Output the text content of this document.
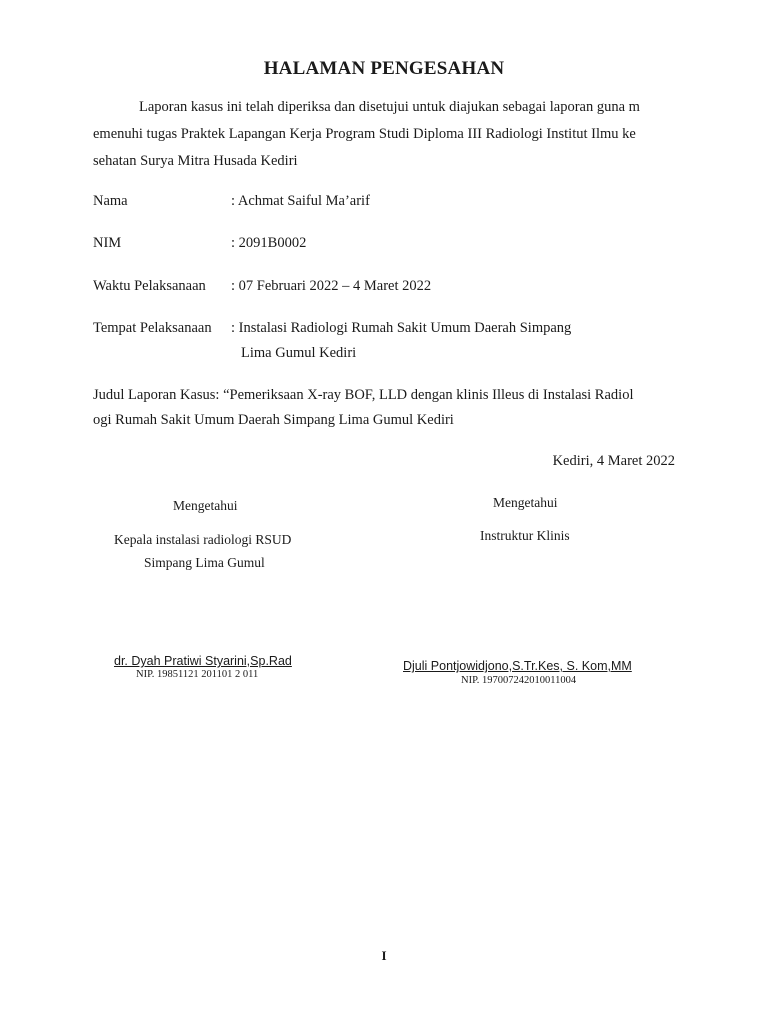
HALAMAN PENGESAHAN
Laporan kasus ini telah diperiksa dan disetujui untuk diajukan sebagai laporan guna m
emenuhi tugas Praktek Lapangan Kerja Program Studi Diploma III Radiologi Institut Ilmu ke
sehatan Surya Mitra Husada Kediri
Nama	: Achmat Saiful Ma’arif
NIM	: 2091B0002
Waktu Pelaksanaan : 07 Februari 2022 – 4 Maret 2022
Tempat Pelaksanaan : Instalasi Radiologi Rumah Sakit Umum Daerah Simpang
Lima Gumul Kediri
Judul Laporan Kasus: “Pemeriksaan X-ray BOF, LLD dengan klinis Illeus di Instalasi Radiol
ogi Rumah Sakit Umum Daerah Simpang Lima Gumul Kediri
Kediri, 4 Maret 2022
Mengetahui
Kepala instalasi radiologi RSUD
Simpang Lima Gumul
dr. Dyah Pratiwi Styarini,Sp.Rad
NIP. 19851121 201101 2 011
Mengetahui
Instruktur Klinis
Djuli Pontjowidjono,S.Tr.Kes, S. Kom,MM
NIP. 197007242010011004
I
